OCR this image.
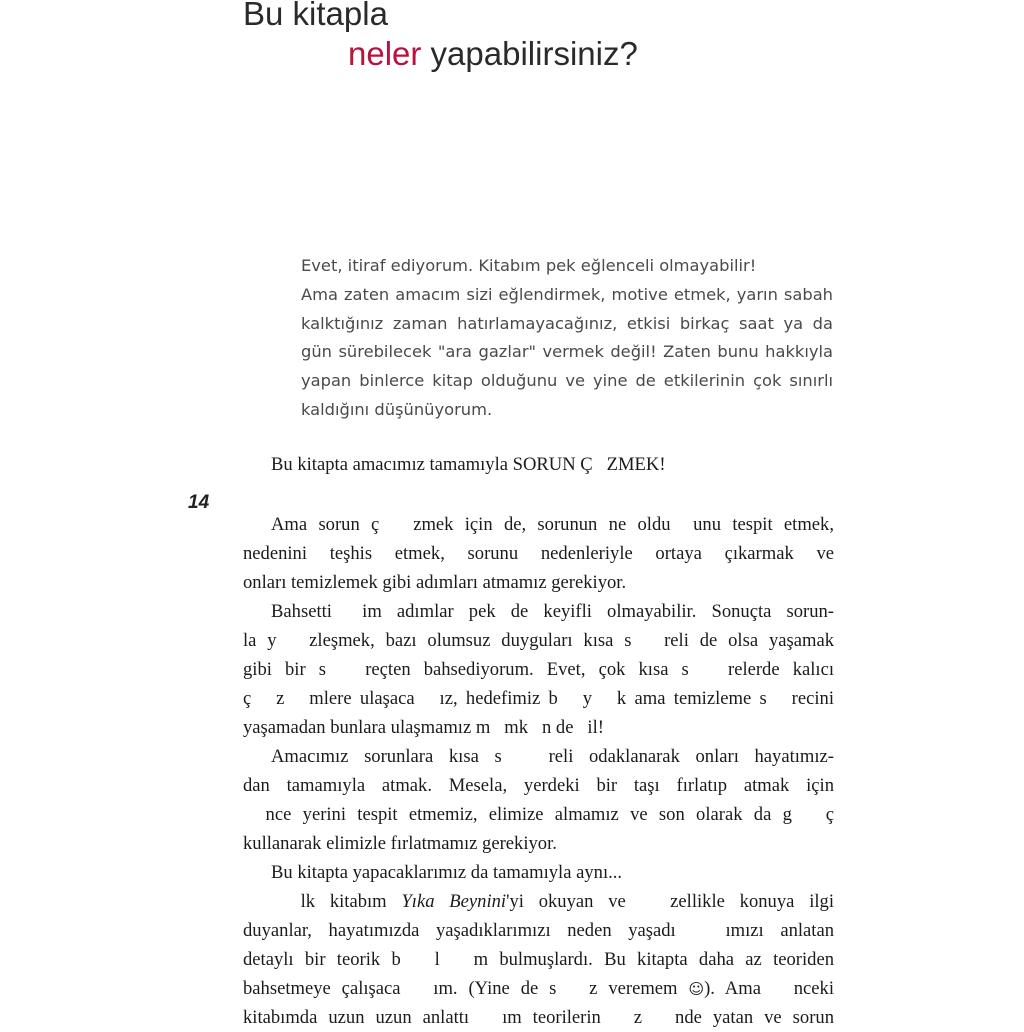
Bu kitapla
neler yapabilirsiniz?

Evet, itiraf ediyorum. Kitabım pek eğlenceli olmayabilir!

Ama zaten amacım sizi eğlendirmek, motive etmek, yarın sabah kalktığınız zaman hatırlamayacağınız, etkisi birkaç saat ya da gün sürebilecek "ara gazlar" vermek değil! Zaten bunu hakkıyla yapan binlerce kitap olduğunu ve yine de etkilerinin çok sınırlı kaldığını düşünüyorum.

Bu kitapta amacımız tamamıyla SORUN Ç   ZMEK!
14
Ama sorun ç   zmek için de, sorunun ne oldu  unu tespit etmek,
nedenini teşhis etmek, sorunu nedenleriyle ortaya çıkarmak ve
onları temizlemek gibi adımları atmamız gerekiyor.
Bahsetti  im adımlar pek de keyifli olmayabilir. Sonuçta sorun-
la y   zleşmek, bazı olumsuz duyguları kısa s   reli de olsa yaşamak
gibi bir s   reçten bahsediyorum. Evet, çok kısa s   relerde kalıcı
ç   z   mlere ulaşaca   ız, hedefimiz b   y   k ama temizleme s   recini
yaşamadan bunlara ulaşmamız m   mk   n de   il!
Amacımız sorunlara kısa s   reli odaklanarak onları hayatımız-
dan tamamıyla atmak. Mesela, yerdeki bir taşı fırlatıp atmak için
nce yerini tespit etmemiz, elimize almamız ve son olarak da g   ç
kullanarak elimizle fırlatmamız gerekiyor.
Bu kitapta yapacaklarımız da tamamıyla aynı...
lk kitabım Yıka Beynini'yi okuyan ve   zellikle konuya ilgi
duyanlar, hayatımızda yaşadıklarımızı neden yaşadı   ımızı anlatan
detaylı bir teorik b   l   m bulmuşlardı. Bu kitapta daha az teoriden
bahsetmeye çalışaca   ım. (Yine de s   z veremem ☺). Ama   nceki
kitabımda uzun uzun anlattı   ım teorilerin   z   nde yatan ve sorun
